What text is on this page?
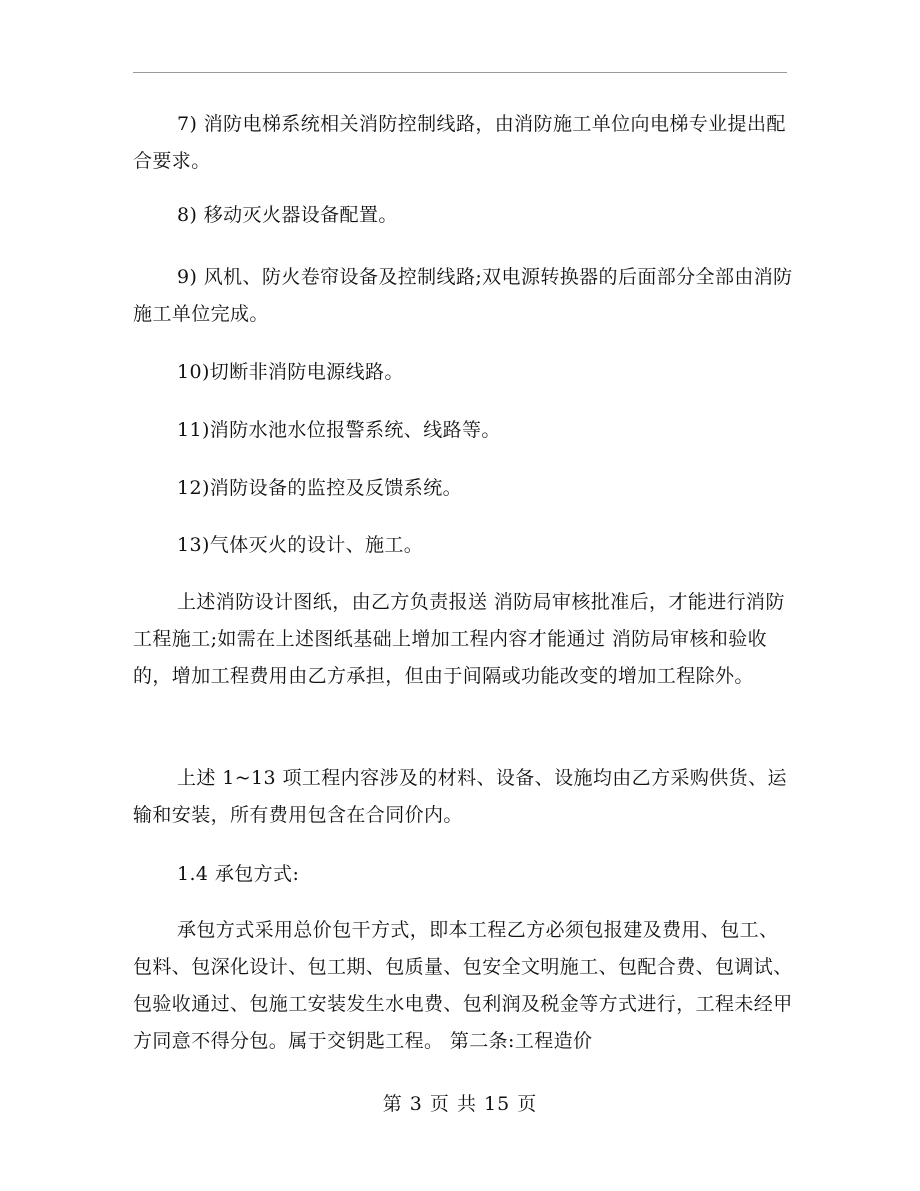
7) 消防电梯系统相关消防控制线路，由消防施工单位向电梯专业提出配合要求。

8) 移动灭火器设备配置。

9) 风机、防火卷帘设备及控制线路;双电源转换器的后面部分全部由消防施工单位完成。

10)切断非消防电源线路。

11)消防水池水位报警系统、线路等。

12)消防设备的监控及反馈系统。

13)气体灭火的设计、施工。

上述消防设计图纸，由乙方负责报送 消防局审核批准后，才能进行消防工程施工;如需在上述图纸基础上增加工程内容才能通过 消防局审核和验收的，增加工程费用由乙方承担，但由于间隔或功能改变的增加工程除外。

上述 1~13 项工程内容涉及的材料、设备、设施均由乙方采购供货、运输和安装，所有费用包含在合同价内。

1.4 承包方式:

承包方式采用总价包干方式，即本工程乙方必须包报建及费用、包工、包料、包深化设计、包工期、包质量、包安全文明施工、包配合费、包调试、包验收通过、包施工安装发生水电费、包利润及税金等方式进行，工程未经甲方同意不得分包。属于交钥匙工程。 第二条:工程造价

第 3 页 共 15 页
